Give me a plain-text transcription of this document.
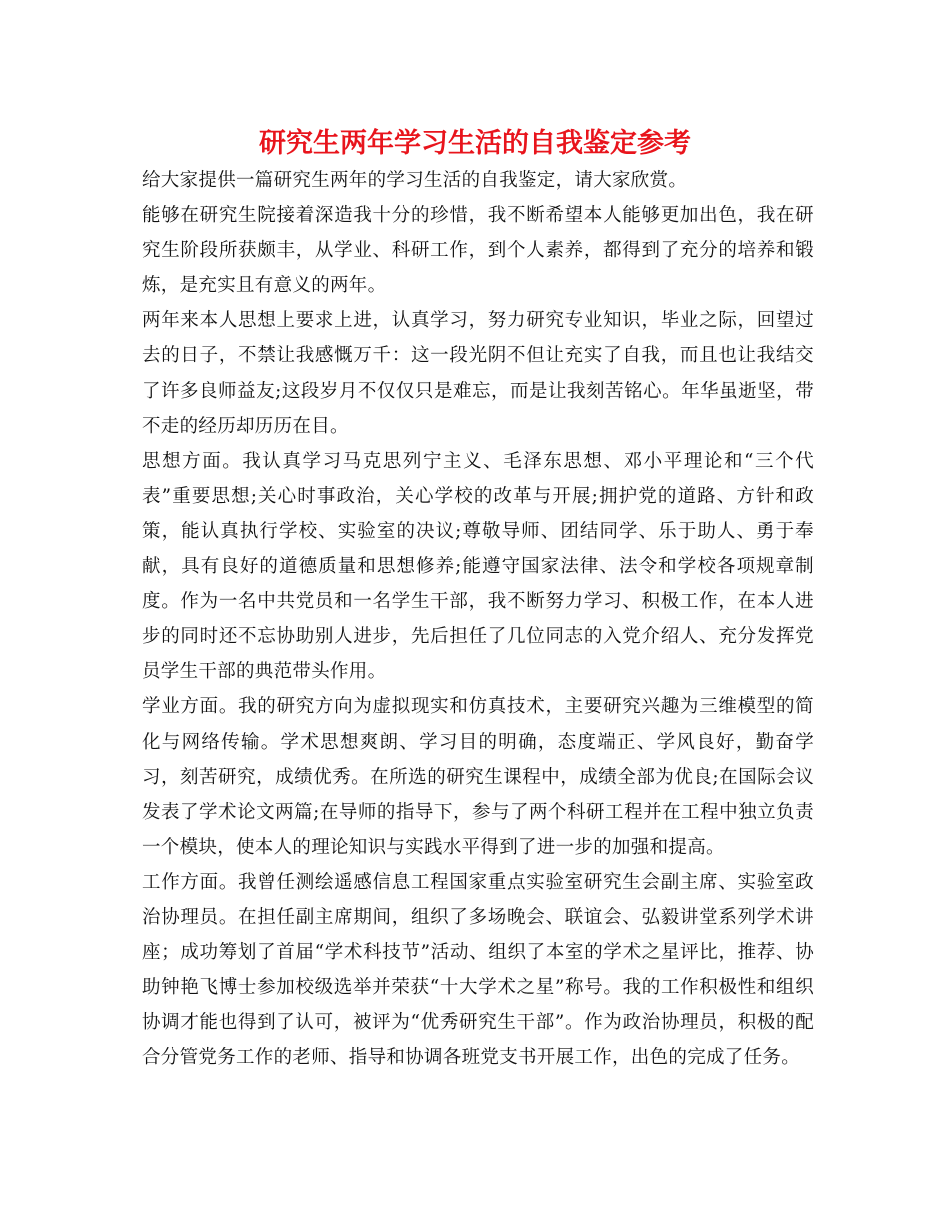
研究生两年学习生活的自我鉴定参考

给大家提供一篇研究生两年的学习生活的自我鉴定，请大家欣赏。

能够在研究生院接着深造我十分的珍惜，我不断希望本人能够更加出色，我在研究生阶段所获颇丰，从学业、科研工作，到个人素养，都得到了充分的培养和锻炼，是充实且有意义的两年。

两年来本人思想上要求上进，认真学习，努力研究专业知识，毕业之际，回望过去的日子，不禁让我感慨万千：这一段光阴不但让充实了自我，而且也让我结交了许多良师益友;这段岁月不仅仅只是难忘，而是让我刻苦铭心。年华虽逝坚，带不走的经历却历历在目。

思想方面。我认真学习马克思列宁主义、毛泽东思想、邓小平理论和“三个代表”重要思想;关心时事政治，关心学校的改革与开展;拥护党的道路、方针和政策，能认真执行学校、实验室的决议;尊敬导师、团结同学、乐于助人、勇于奉献，具有良好的道德质量和思想修养;能遵守国家法律、法令和学校各项规章制度。作为一名中共党员和一名学生干部，我不断努力学习、积极工作，在本人进步的同时还不忘协助别人进步，先后担任了几位同志的入党介绍人、充分发挥党员学生干部的典范带头作用。

学业方面。我的研究方向为虚拟现实和仿真技术，主要研究兴趣为三维模型的简化与网络传输。学术思想爽朗、学习目的明确，态度端正、学风良好，勤奋学习，刻苦研究，成绩优秀。在所选的研究生课程中，成绩全部为优良;在国际会议发表了学术论文两篇;在导师的指导下，参与了两个科研工程并在工程中独立负责一个模块，使本人的理论知识与实践水平得到了进一步的加强和提高。

工作方面。我曾任测绘遥感信息工程国家重点实验室研究生会副主席、实验室政治协理员。在担任副主席期间，组织了多场晚会、联谊会、弘毅讲堂系列学术讲座；成功筹划了首届“学术科技节”活动、组织了本室的学术之星评比，推荐、协助钟艳飞博士参加校级选举并荣获“十大学术之星”称号。我的工作积极性和组织协调才能也得到了认可，被评为“优秀研究生干部”。作为政治协理员，积极的配合分管党务工作的老师、指导和协调各班党支书开展工作，出色的完成了任务。
